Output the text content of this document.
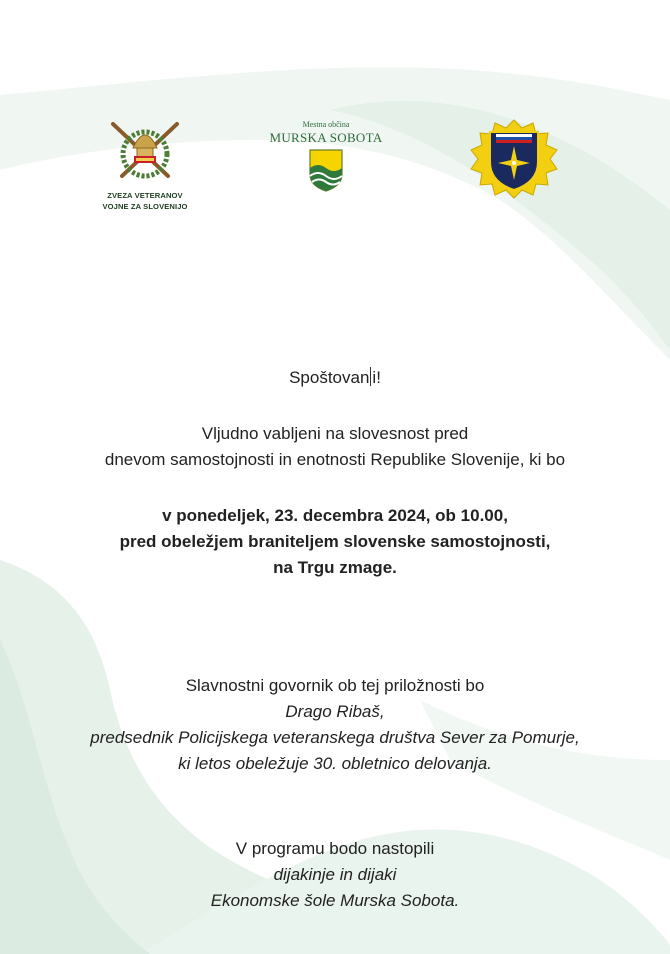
ZVEZA VETERANOV
VOJNE ZA SLOVENIJO
Mestna občina
MURSKA SOBOTA
Spoštovan i!
Vljudno vabljeni na slovesnost pred
dnevom samostojnosti in enotnosti Republike Slovenije, ki bo
v ponedeljek, 23. decembra 2024, ob 10.00,
pred obeležjem braniteljem slovenske samostojnosti,
na Trgu zmage.
Slavnostni govornik ob tej priložnosti bo
Drago Ribaš,
predsednik Policijskega veteranskega društva Sever za Pomurje,
ki letos obeležuje 30. obletnico delovanja.
V programu bodo nastopili
dijakinje in dijaki
Ekonomske šole Murska Sobota.
